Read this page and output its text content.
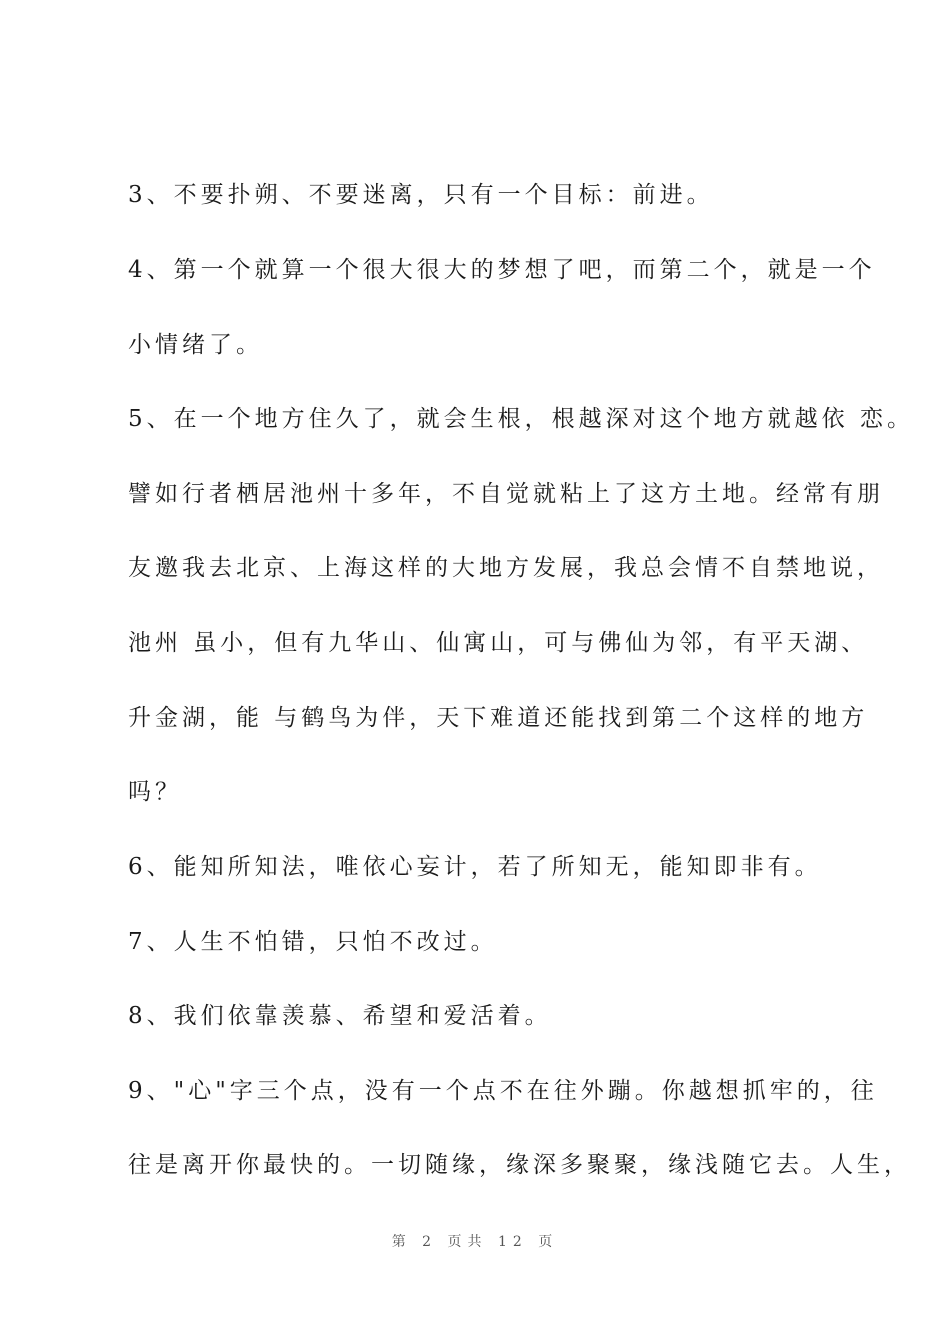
3、不要扑朔、不要迷离，只有一个目标：前进。
4、第一个就算一个很大很大的梦想了吧，而第二个，就是一个
小情绪了。
5、在一个地方住久了，就会生根，根越深对这个地方就越依 恋。
譬如行者栖居池州十多年，不自觉就粘上了这方土地。经常有朋
友邀我去北京、上海这样的大地方发展，我总会情不自禁地说，
池州 虽小，但有九华山、仙寓山，可与佛仙为邻，有平天湖、
升金湖，能 与鹤鸟为伴，天下难道还能找到第二个这样的地方
吗？
6、能知所知法，唯依心妄计，若了所知无，能知即非有。
7、人生不怕错，只怕不改过。
8、我们依靠羡慕、希望和爱活着。
9、"心"字三个点，没有一个点不在往外蹦。你越想抓牢的，往
往是离开你最快的。一切随缘，缘深多聚聚，缘浅随它去。人生，
第 2 页共 12 页
